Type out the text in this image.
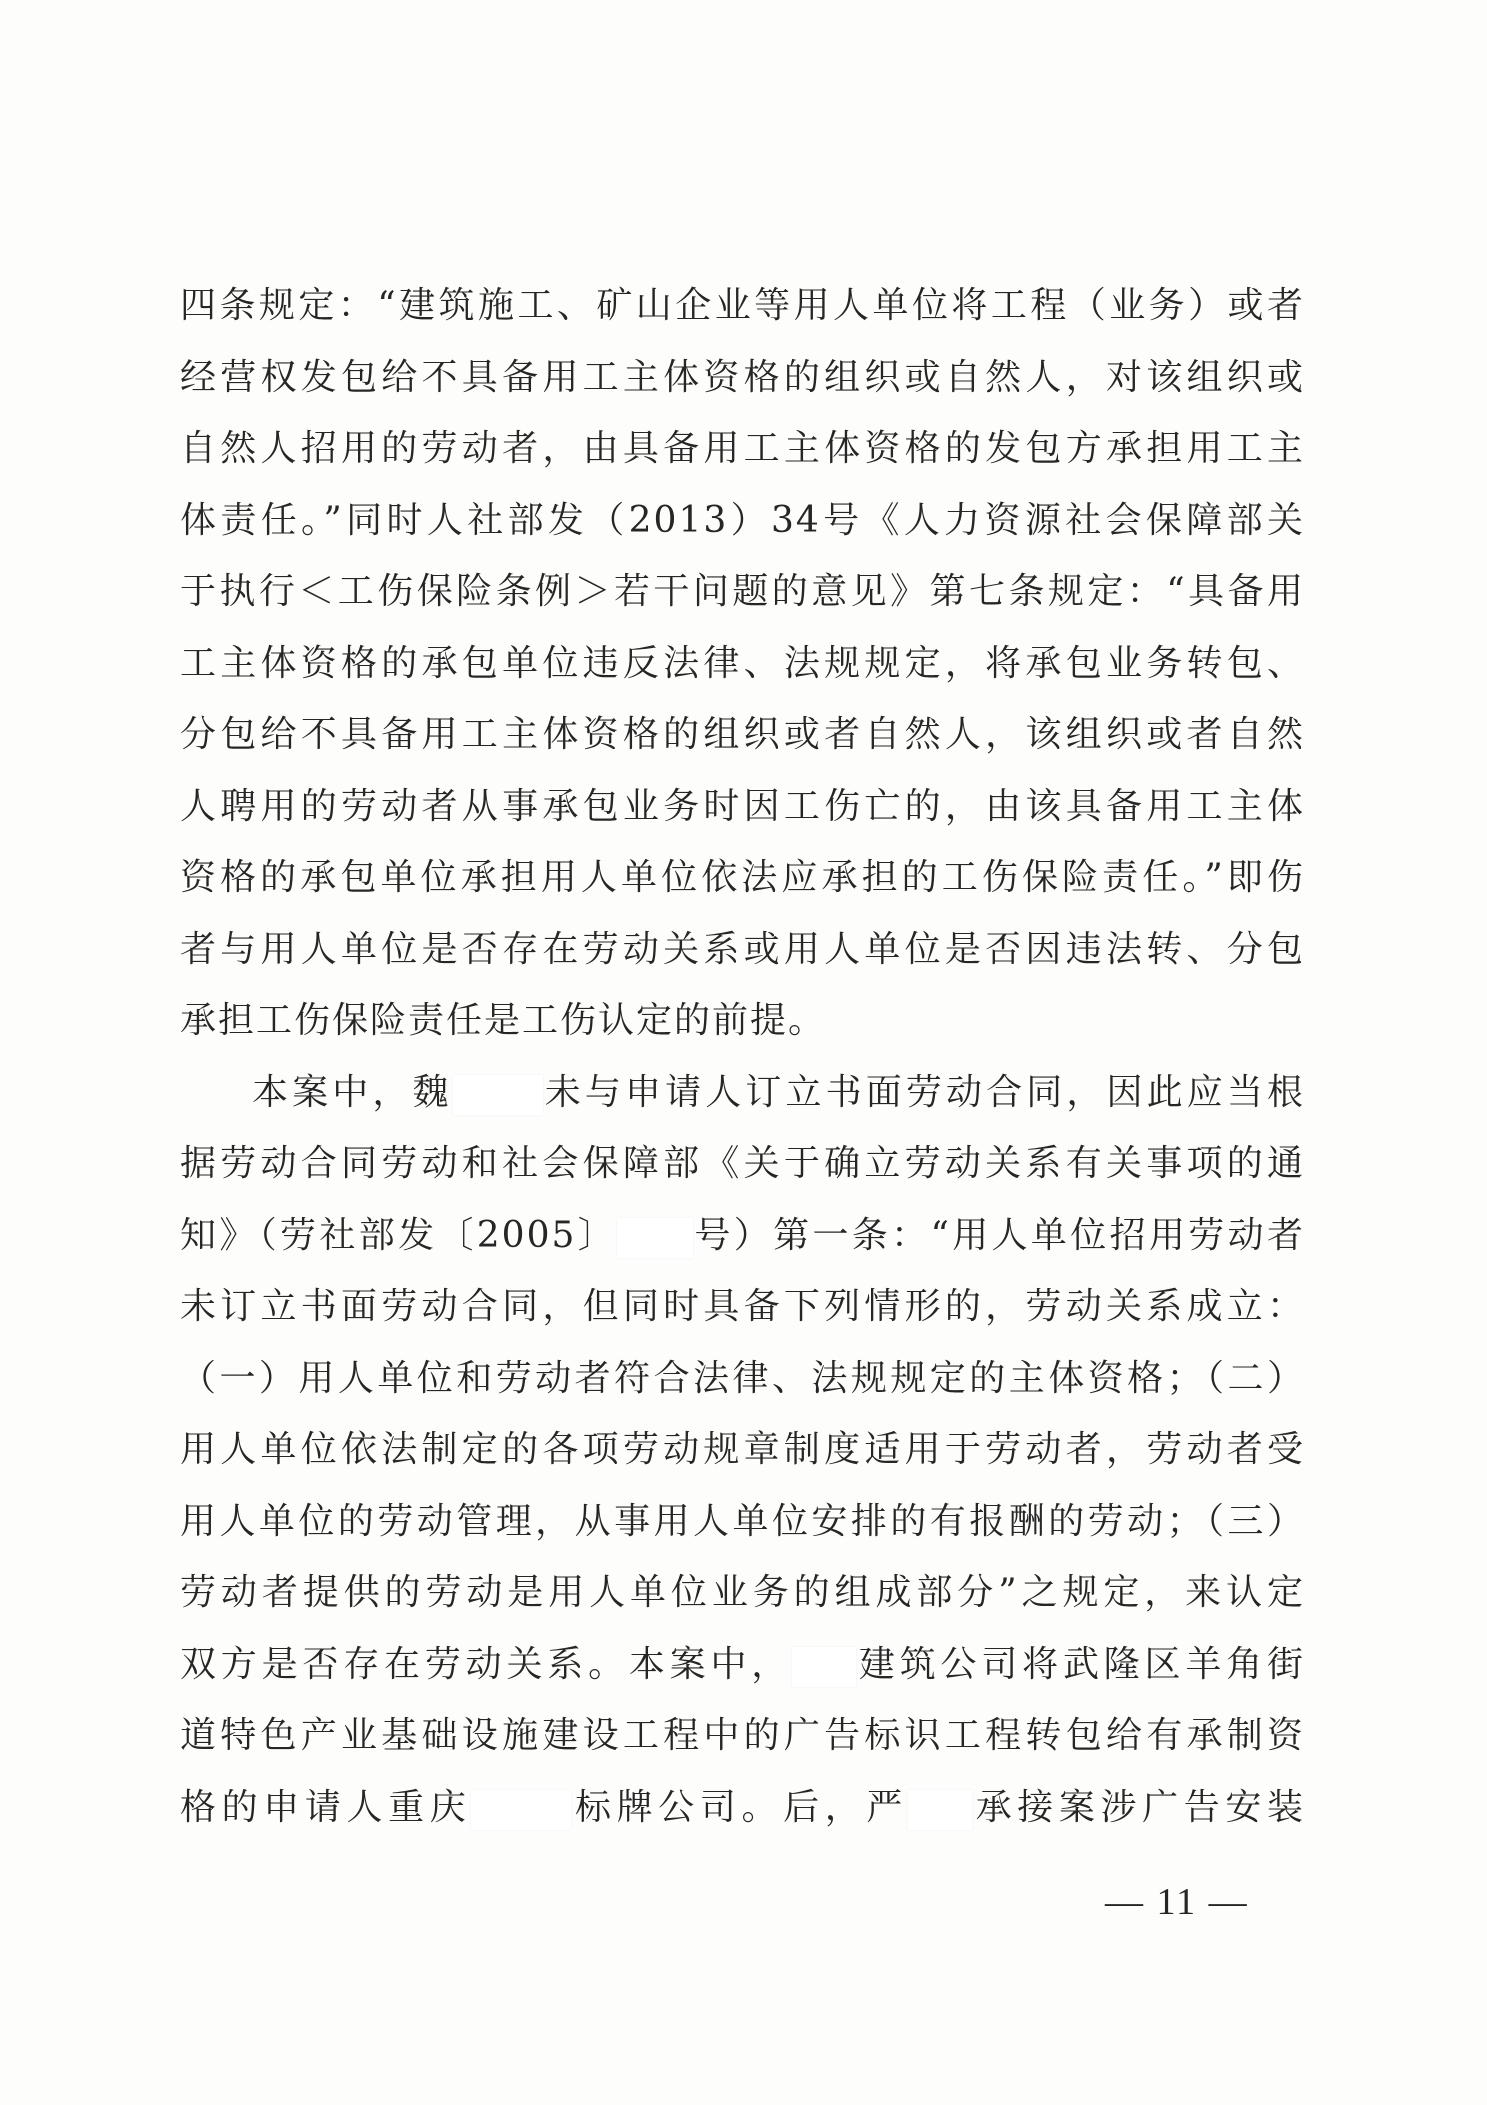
四条规定：“建筑施工、矿山企业等用人单位将工程（业务）或者
经营权发包给不具备用工主体资格的组织或自然人，对该组织或
自然人招用的劳动者，由具备用工主体资格的发包方承担用工主
体责任。”同时人社部发（2013）34号《人力资源社会保障部关
于执行＜工伤保险条例＞若干问题的意见》第七条规定：“具备用
工主体资格的承包单位违反法律、法规规定，将承包业务转包、
分包给不具备用工主体资格的组织或者自然人，该组织或者自然
人聘用的劳动者从事承包业务时因工伤亡的，由该具备用工主体
资格的承包单位承担用人单位依法应承担的工伤保险责任。”即伤
者与用人单位是否存在劳动关系或用人单位是否因违法转、分包
承担工伤保险责任是工伤认定的前提。
本案中，魏	未与申请人订立书面劳动合同，因此应当根
据劳动合同劳动和社会保障部《关于确立劳动关系有关事项的通
知》（劳社部发〔2005〕 号）第一条：“用人单位招用劳动者
未订立书面劳动合同，但同时具备下列情形的，劳动关系成立：
（一）用人单位和劳动者符合法律、法规规定的主体资格；（二）
用人单位依法制定的各项劳动规章制度适用于劳动者，劳动者受
用人单位的劳动管理，从事用人单位安排的有报酬的劳动；（三）
劳动者提供的劳动是用人单位业务的组成部分”之规定，来认定
双方是否存在劳动关系。本案中， 建筑公司将武隆区羊角街
道特色产业基础设施建设工程中的广告标识工程转包给有承制资
格的申请人重庆	标牌公司。后，严 承接案涉广告安装
— 11 —
